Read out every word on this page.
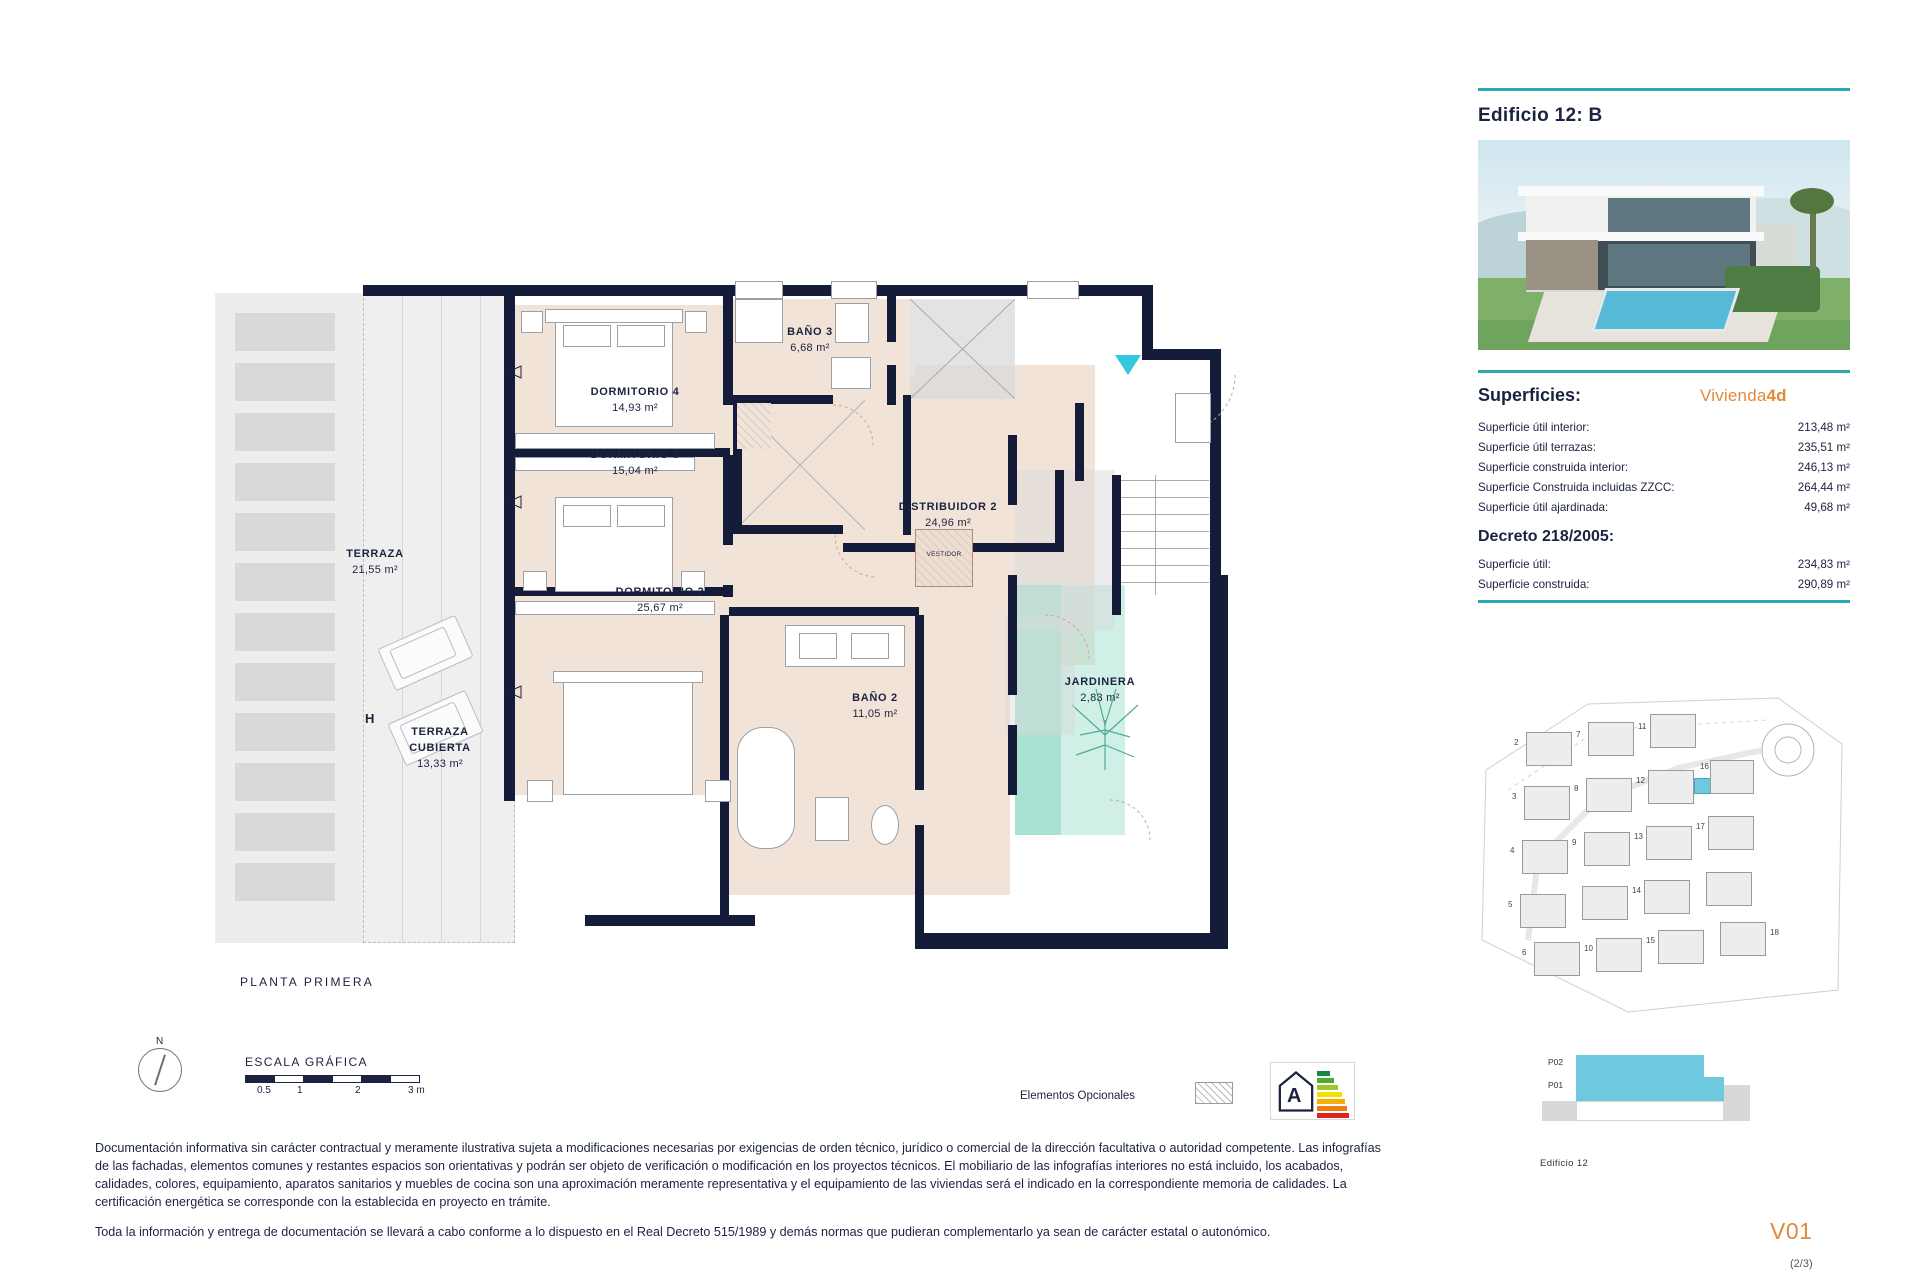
DORMITORIO 4
14,93 m²
DORMITORIO 3
15,04 m²
BAÑO 3
6,68 m²
DISTRIBUIDOR 2
24,96 m²
DORMITORIO 2
25,67 m²
BAÑO 2
11,05 m²
JARDINERA
2,83 m²
TERRAZA
21,55 m²
TERRAZA
CUBIERTA
13,33 m²
VESTIDOR
H
PLANTA PRIMERA
N
ESCALA GRÁFICA
0.5	1	2	3 m	Elementos Opcionales	A

Documentación informativa sin carácter contractual y meramente ilustrativa sujeta a modificaciones necesarias por exigencias de orden técnico, jurídico o comercial de la dirección facultativa o autoridad competente. Las infografías de las fachadas, elementos comunes y restantes espacios son orientativas y podrán ser objeto de verificación o modificación en los proyectos técnicos. El mobiliario de las infografías interiores no está incluido, los acabados, calidades, colores, equipamiento, aparatos sanitarios y muebles de cocina son una aproximación meramente representativa y el equipamiento de las viviendas será el indicado en la correspondiente memoria de calidades. La certificación energética se corresponde con la establecida en proyecto en trámite.

Toda la información y entrega de documentación se llevará a cabo conforme a lo dispuesto en el Real Decreto 515/1989 y demás normas que pudieran complementarlo ya sean de carácter estatal o autonómico.

Edificio 12: B
Superficies:	Vivienda4d
Superficie útil interior:	213,48 m²
Superficie útil terrazas:	235,51 m²
Superficie construida interior:	246,13 m²
Superficie Construida incluidas ZZCC:	264,44 m²
Superficie útil ajardinada:	49,68 m²
Decreto 218/2005:
Superficie útil:	234,83 m²
Superficie construida:	290,89 m²
2
7
11
3
8
12
16
4
9
13
17
5
14
6	10
15
18
P02
P01
Edificio 12
V01
(2/3)
